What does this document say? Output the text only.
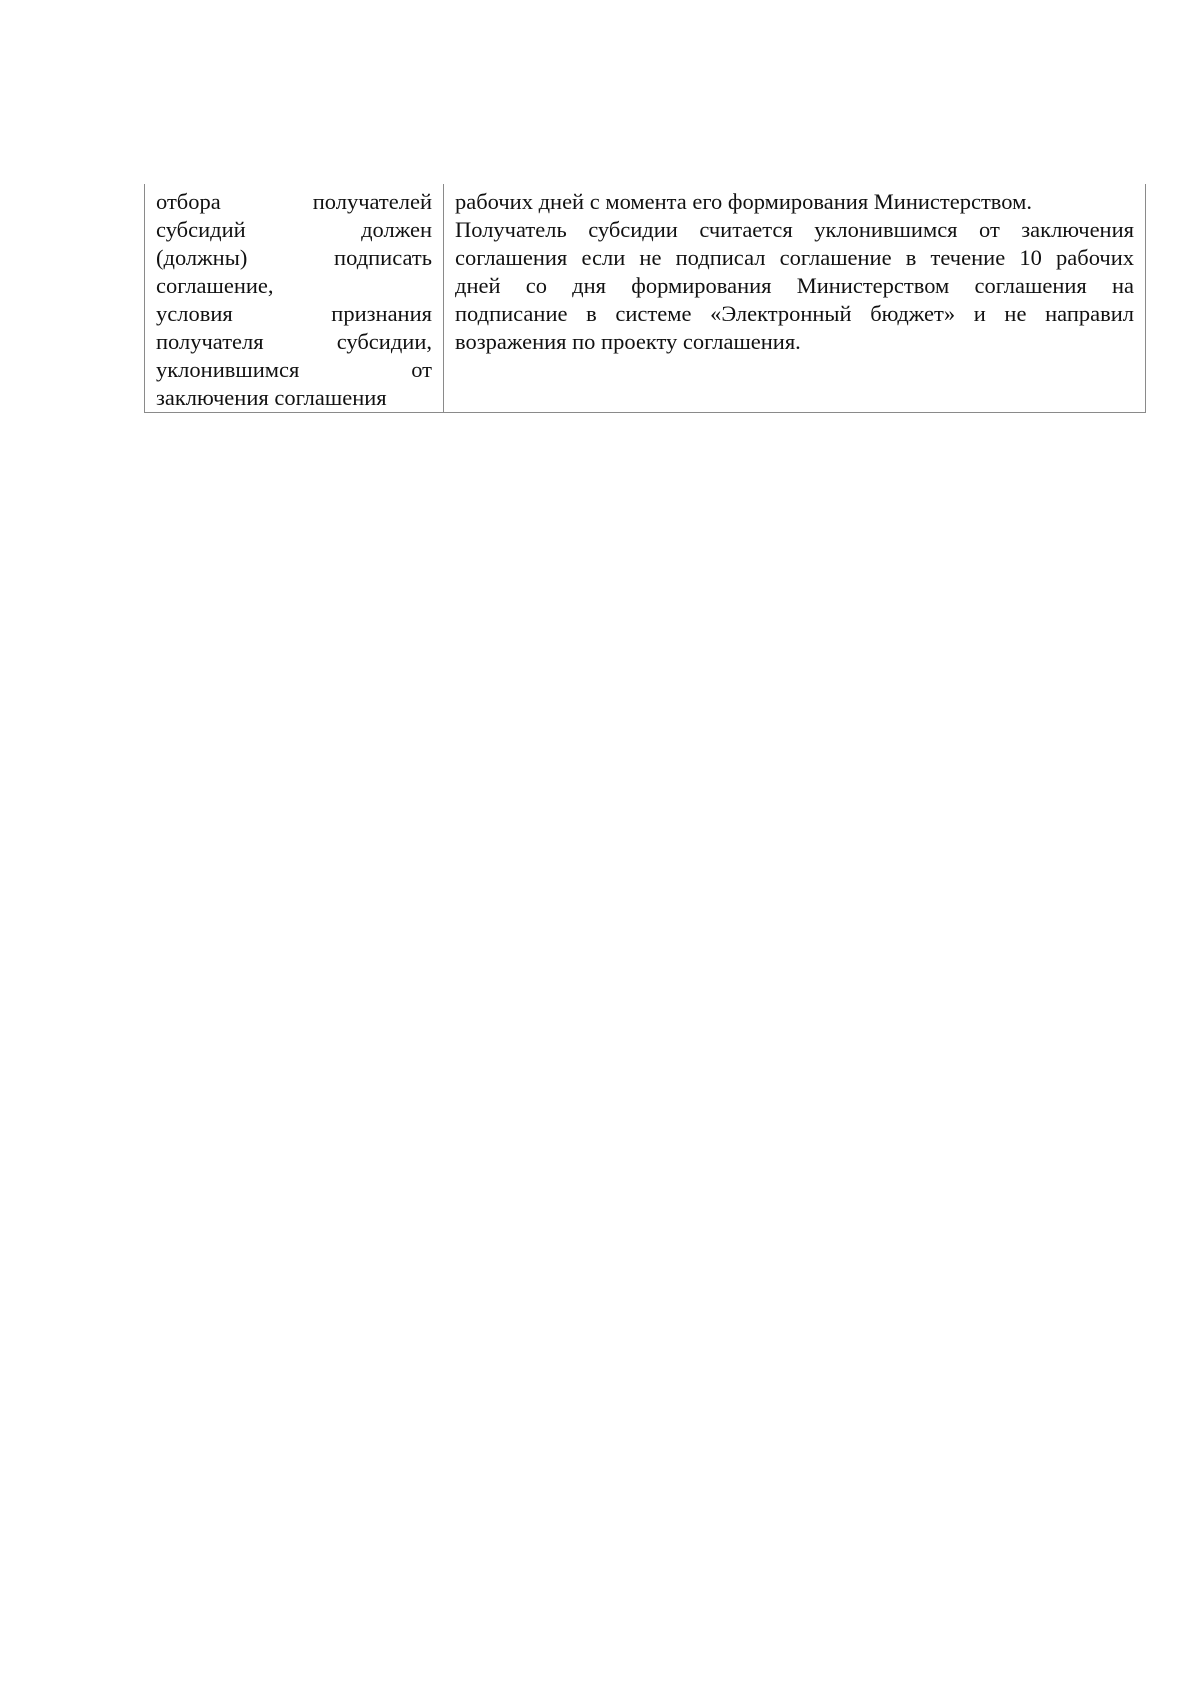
отбора получателей
субсидий должен
(должны) подписать
соглашение,
условия признания
получателя субсидии,
уклонившимся от
заключения соглашения

рабочих дней с момента его формирования Министерством.
Получатель субсидии считается уклонившимся от заключения
соглашения если не подписал соглашение в течение 10 рабочих
дней со дня формирования Министерством соглашения на
подписание в системе «Электронный бюджет» и не направил
возражения по проекту соглашения.
